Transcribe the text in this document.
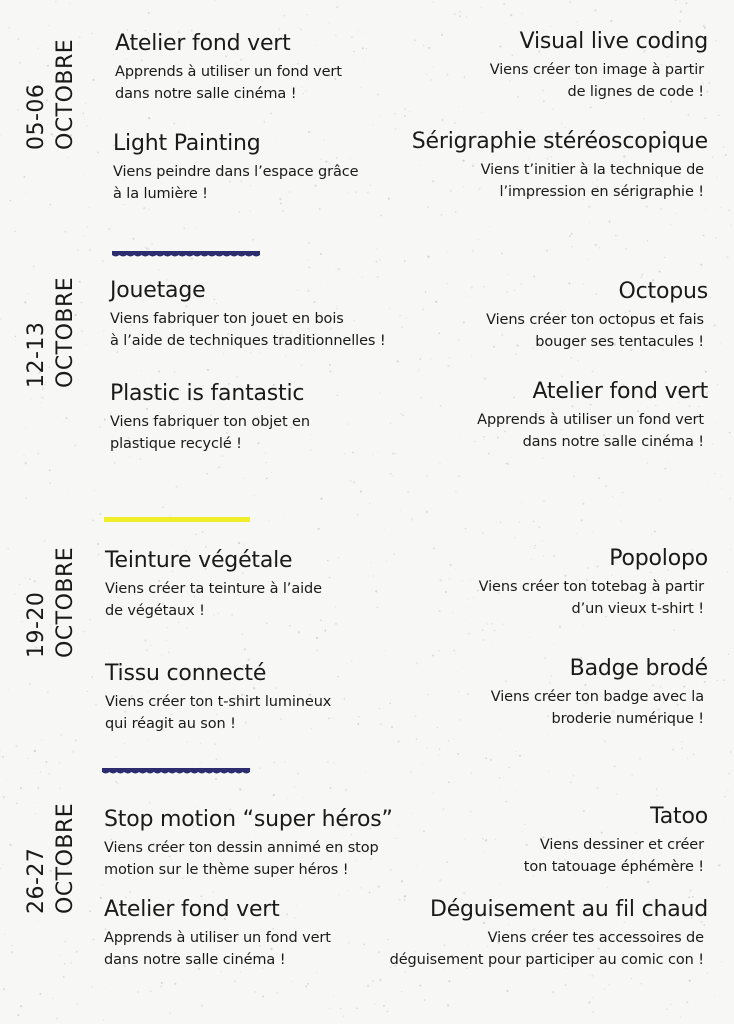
05-06 OCTOBRE Atelier fond vert
Apprends à utiliser un fond vert
dans notre salle cinéma !
Visual live coding
Viens créer ton image à partir
de lignes de code !
Light Painting
Viens peindre dans l’espace grâce
à la lumière !
Sérigraphie stéréoscopique
Viens t’initier à la technique de
l’impression en sérigraphie !
12-13 OCTOBRE Jouetage
Viens fabriquer ton jouet en bois
à l’aide de techniques traditionnelles !
Octopus
Viens créer ton octopus et fais
bouger ses tentacules !
Plastic is fantastic
Viens fabriquer ton objet en
plastique recyclé !
Atelier fond vert
Apprends à utiliser un fond vert
dans notre salle cinéma !
19-20 OCTOBRE Teinture végétale
Viens créer ta teinture à l’aide
de végétaux !
Popolopo
Viens créer ton totebag à partir
d’un vieux t-shirt !
Tissu connecté
Viens créer ton t-shirt lumineux
qui réagit au son !
Badge brodé
Viens créer ton badge avec la
broderie numérique !
26-27 OCTOBRE Stop motion “super héros”
Viens créer ton dessin annimé en stop
motion sur le thème super héros !
Tatoo
Viens dessiner et créer
ton tatouage éphémère !
Atelier fond vert
Apprends à utiliser un fond vert
dans notre salle cinéma !
Déguisement au fil chaud
Viens créer tes accessoires de
déguisement pour participer au comic con !
